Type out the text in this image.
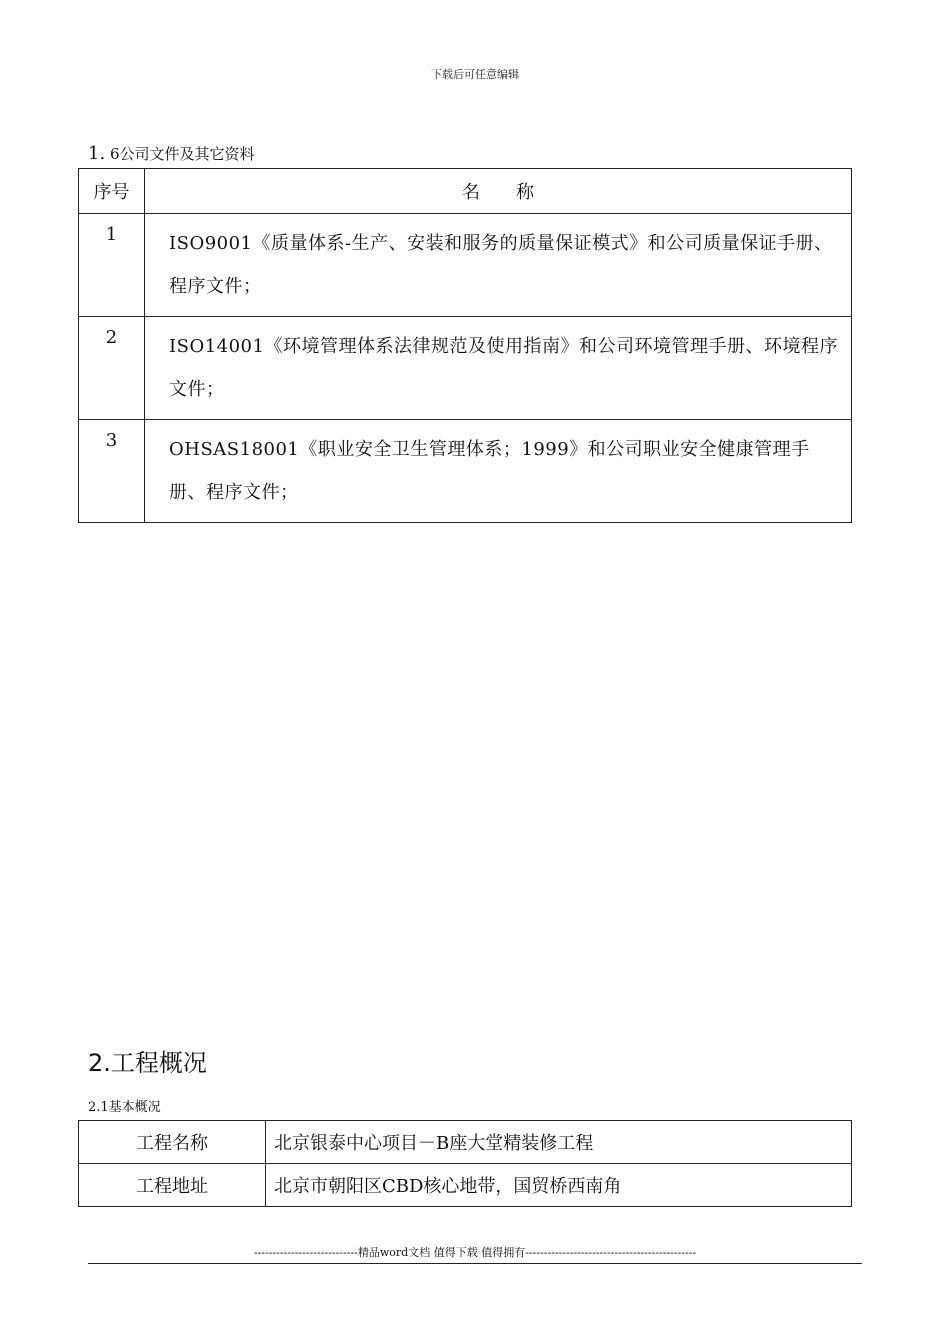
下载后可任意编辑
1. 6公司文件及其它资料
序号	名　　称
1	ISO9001《质量体系-生产、安装和服务的质量保证模式》和公司质量保证手册、程序文件；
2	ISO14001《环境管理体系法律规范及使用指南》和公司环境管理手册、环境程序文件；
3	OHSAS18001《职业安全卫生管理体系；1999》和公司职业安全健康管理手册、程序文件；
2.工程概况
2.1基本概况
工程名称	北京银泰中心项目－B座大堂精装修工程
工程地址	北京市朝阳区CBD核心地带，国贸桥西南角
----------------------------精品word文档 值得下载 值得拥有----------------------------------------------
